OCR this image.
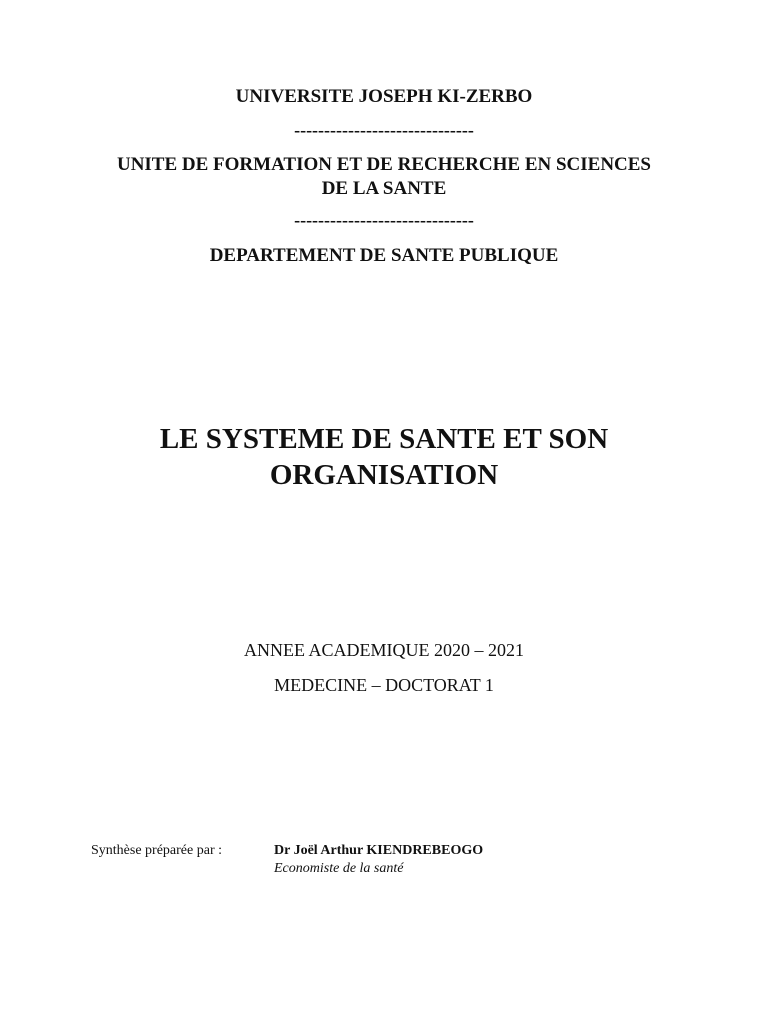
UNIVERSITE JOSEPH KI-ZERBO
------------------------------
UNITE DE FORMATION ET DE RECHERCHE EN SCIENCES
DE LA SANTE
------------------------------
DEPARTEMENT DE SANTE PUBLIQUE
LE SYSTEME DE SANTE ET SON
ORGANISATION
ANNEE ACADEMIQUE 2020 – 2021
MEDECINE – DOCTORAT 1
Synthèse préparée par :	Dr Joël Arthur KIENDREBEOGO
Economiste de la santé
